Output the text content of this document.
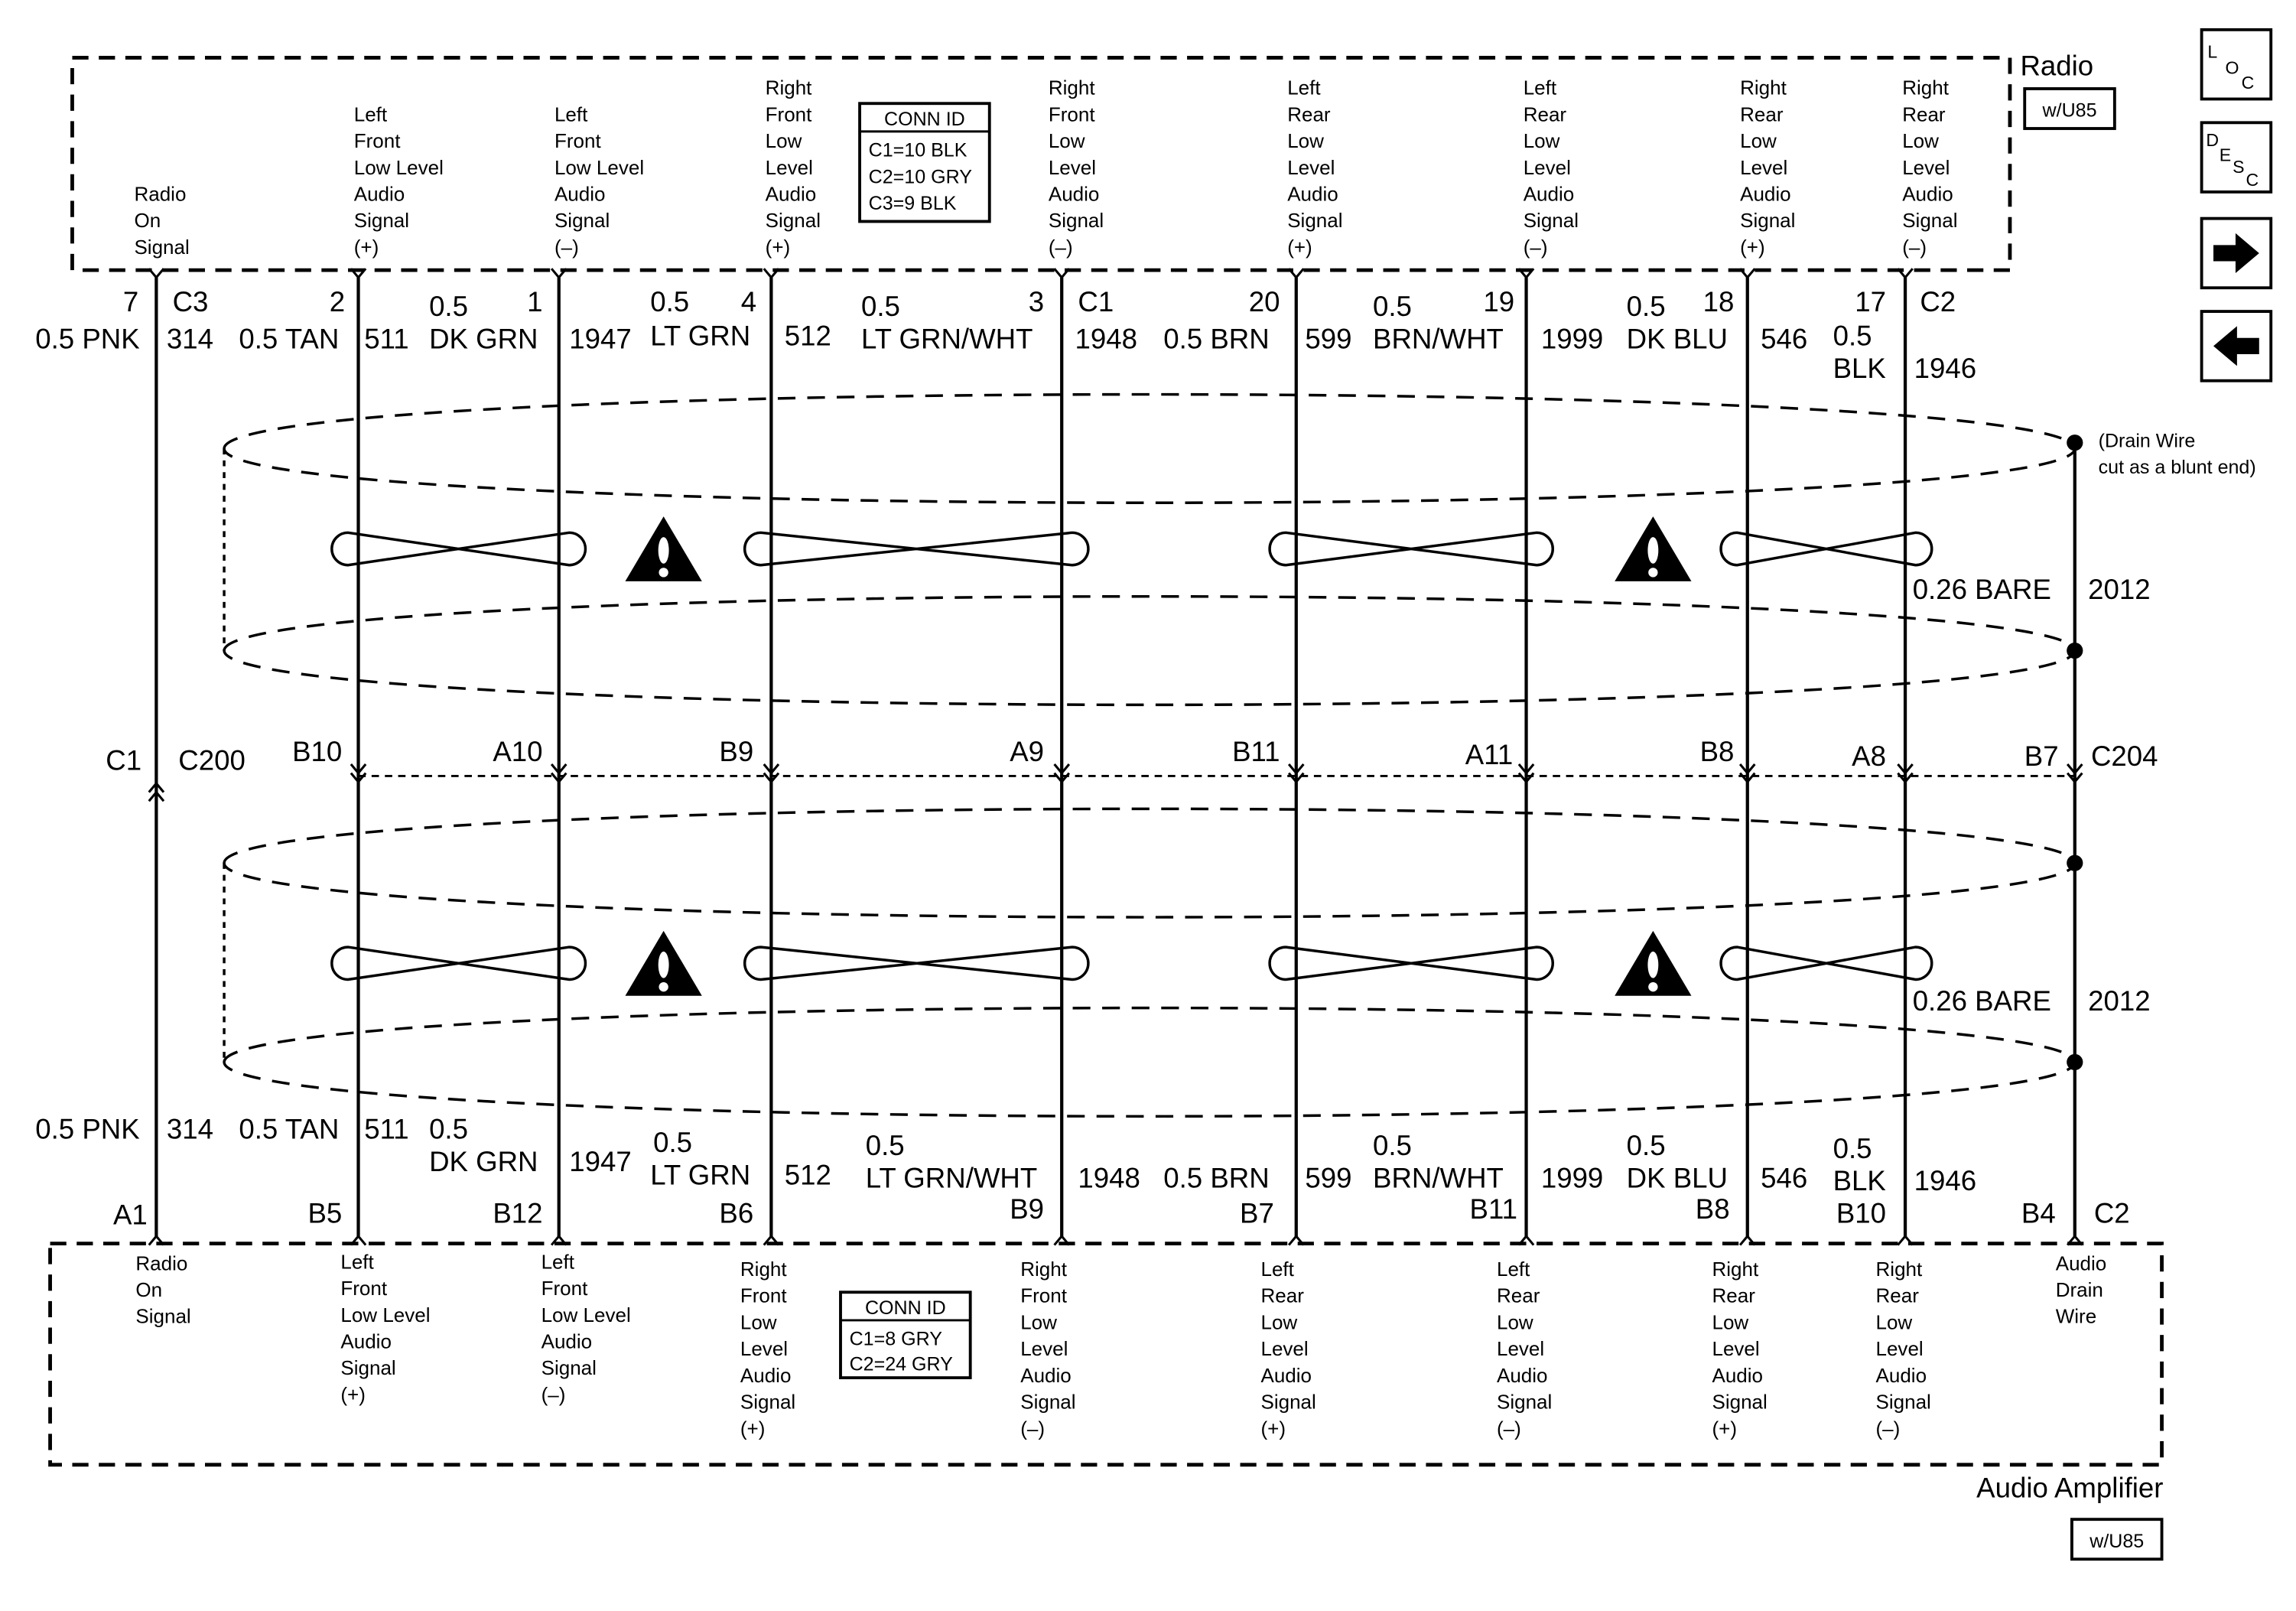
Radio
w/U85
CONN ID
C1=10 BLK
C2=10 GRY
C3=9 BLK
Radio
On
Signal
Left
Front
Low Level
Audio
Signal
(+)
Left
Front
Low Level
Audio
Signal
(–)
Right
Front
Low
Level
Audio
Signal
(+)
Right
Front
Low
Level
Audio
Signal
(–)
Left
Rear
Low
Level
Audio
Signal
(+)
Left
Rear
Low
Level
Audio
Signal
(–)
Right
Rear
Low
Level
Audio
Signal
(+)
Right
Rear
Low
Level
Audio
Signal
(–)
Audio Amplifier
w/U85
CONN ID
C1=8 GRY
C2=24 GRY
Radio
On
Signal
Left
Front
Low Level
Audio
Signal
(+)
Left
Front
Low Level
Audio
Signal
(–)
Right
Front
Low
Level
Audio
Signal
(+)
Right
Front
Low
Level
Audio
Signal
(–)
Left
Rear
Low
Level
Audio
Signal
(+)
Left
Rear
Low
Level
Audio
Signal
(–)
Right
Rear
Low
Level
Audio
Signal
(+)
Right
Rear
Low
Level
Audio
Signal
(–)
Audio
Drain
Wire
(Drain Wire
cut as a blunt end)
0.26 BARE	2012
0.26 BARE	2012
7 C3
0.5 PNK 314
2
0.5 TAN 511
0.5
DK GRN
1
1947
0.5
LT GRN
4
512
0.5
LT GRN/WHT
3 C1
1948 0.5 BRN
20
599
0.5
BRN/WHT
19
1999
0.5
DK BLU
18
546 0.5
BLK
17 C2
1946
C1	C200	B10	A10	B9	A9	B11	A11	B8	A8	B7 C204
0.5 PNK 314 0.5 TAN 511 0.5
DK GRN 1947
0.5
LT GRN 512
0.5
LT GRN/WHT	1948 0.5 BRN 599
0.5
BRN/WHT	1999
0.5
DK BLU 546
0.5
BLK 1946
A1	B5	B12	B6	B9	B7	B11	B8	B10	B4	C2
L
O
C
D
E
S
C
